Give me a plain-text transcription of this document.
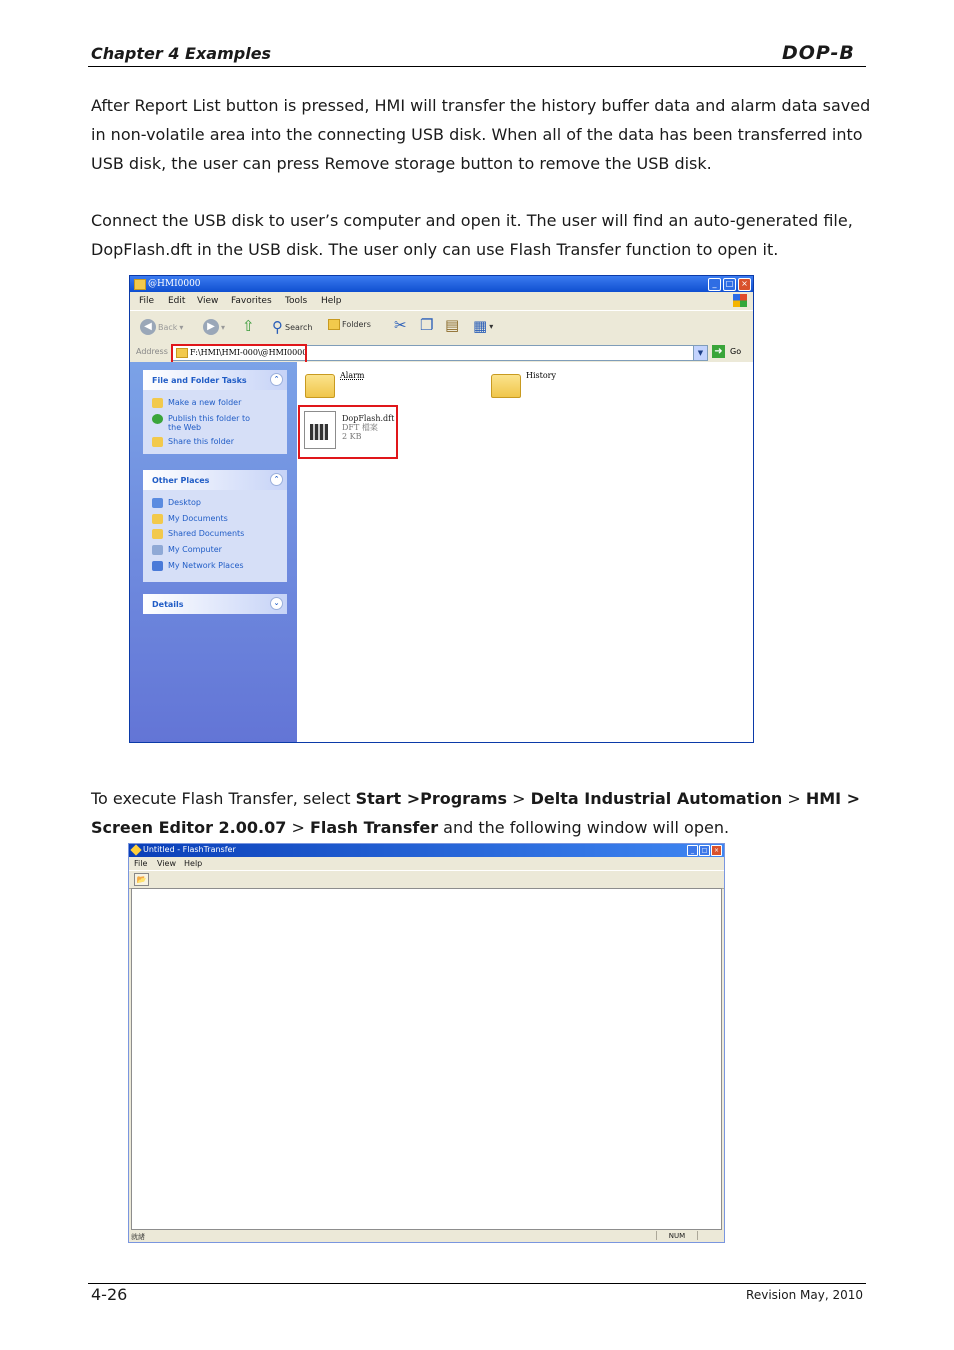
Chapter 4 Examples	DOP-B

After Report List button is pressed, HMI will transfer the history buffer data and alarm data saved in non-volatile area into the connecting USB disk. When all of the data has been transferred into USB disk, the user can press Remove storage button to remove the USB disk.

Connect the USB disk to user’s computer and open it. The user will find an auto-generated file, DopFlash.dft in the USB disk. The user only can use Flash Transfer function to open it.

@HMI0000	_	□ ×
File Edit View Favorites Tools Help
◀ Back ▾	▶ ▾ ⇧ ⚲ Search	Folders ✂ ❐ ▤ ▦ ▾
Address	F:\HMI\HMI-000\@HMI0000	▼	➜ Go
File and Folder Tasks	⌃
Make a new folder
Publish this folder to the Web
Share this folder
Other Places	⌃
Desktop
My Documents
Shared Documents
My Computer
My Network Places
Details	⌄
Alarm	History
DopFlash.dft
DFT 檔案
2 KB

To execute Flash Transfer, select Start >Programs > Delta Industrial Automation > HMI > Screen Editor 2.00.07 > Flash Transfer and the following window will open.

Untitled - FlashTransfer	_	□	×
File View Help
📂
就緒	NUM
4-26	Revision May, 2010
